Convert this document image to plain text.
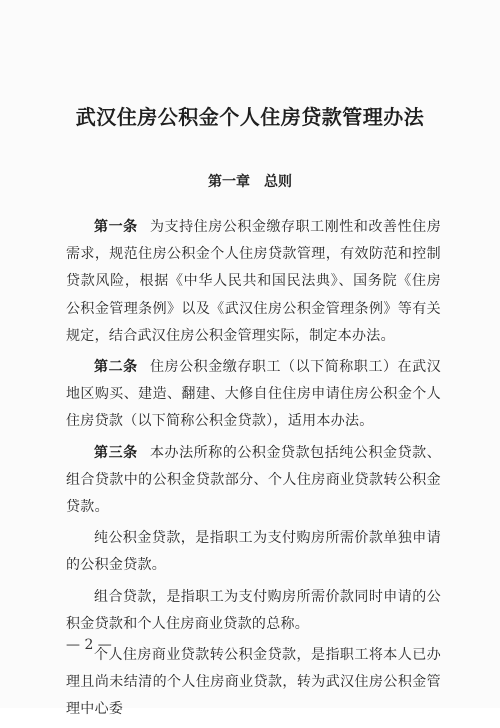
武汉住房公积金个人住房贷款管理办法
第一章 总则

第一条 为支持住房公积金缴存职工刚性和改善性住房需求，规范住房公积金个人住房贷款管理，有效防范和控制贷款风险，根据《中华人民共和国民法典》、国务院《住房公积金管理条例》以及《武汉住房公积金管理条例》等有关规定，结合武汉住房公积金管理实际，制定本办法。

第二条 住房公积金缴存职工（以下简称职工）在武汉地区购买、建造、翻建、大修自住住房申请住房公积金个人住房贷款（以下简称公积金贷款），适用本办法。

第三条 本办法所称的公积金贷款包括纯公积金贷款、组合贷款中的公积金贷款部分、个人住房商业贷款转公积金贷款。

纯公积金贷款，是指职工为支付购房所需价款单独申请的公积金贷款。

组合贷款，是指职工为支付购房所需价款同时申请的公积金贷款和个人住房商业贷款的总称。

个人住房商业贷款转公积金贷款，是指职工将本人已办理且尚未结清的个人住房商业贷款，转为武汉住房公积金管理中心委

— 2 —
